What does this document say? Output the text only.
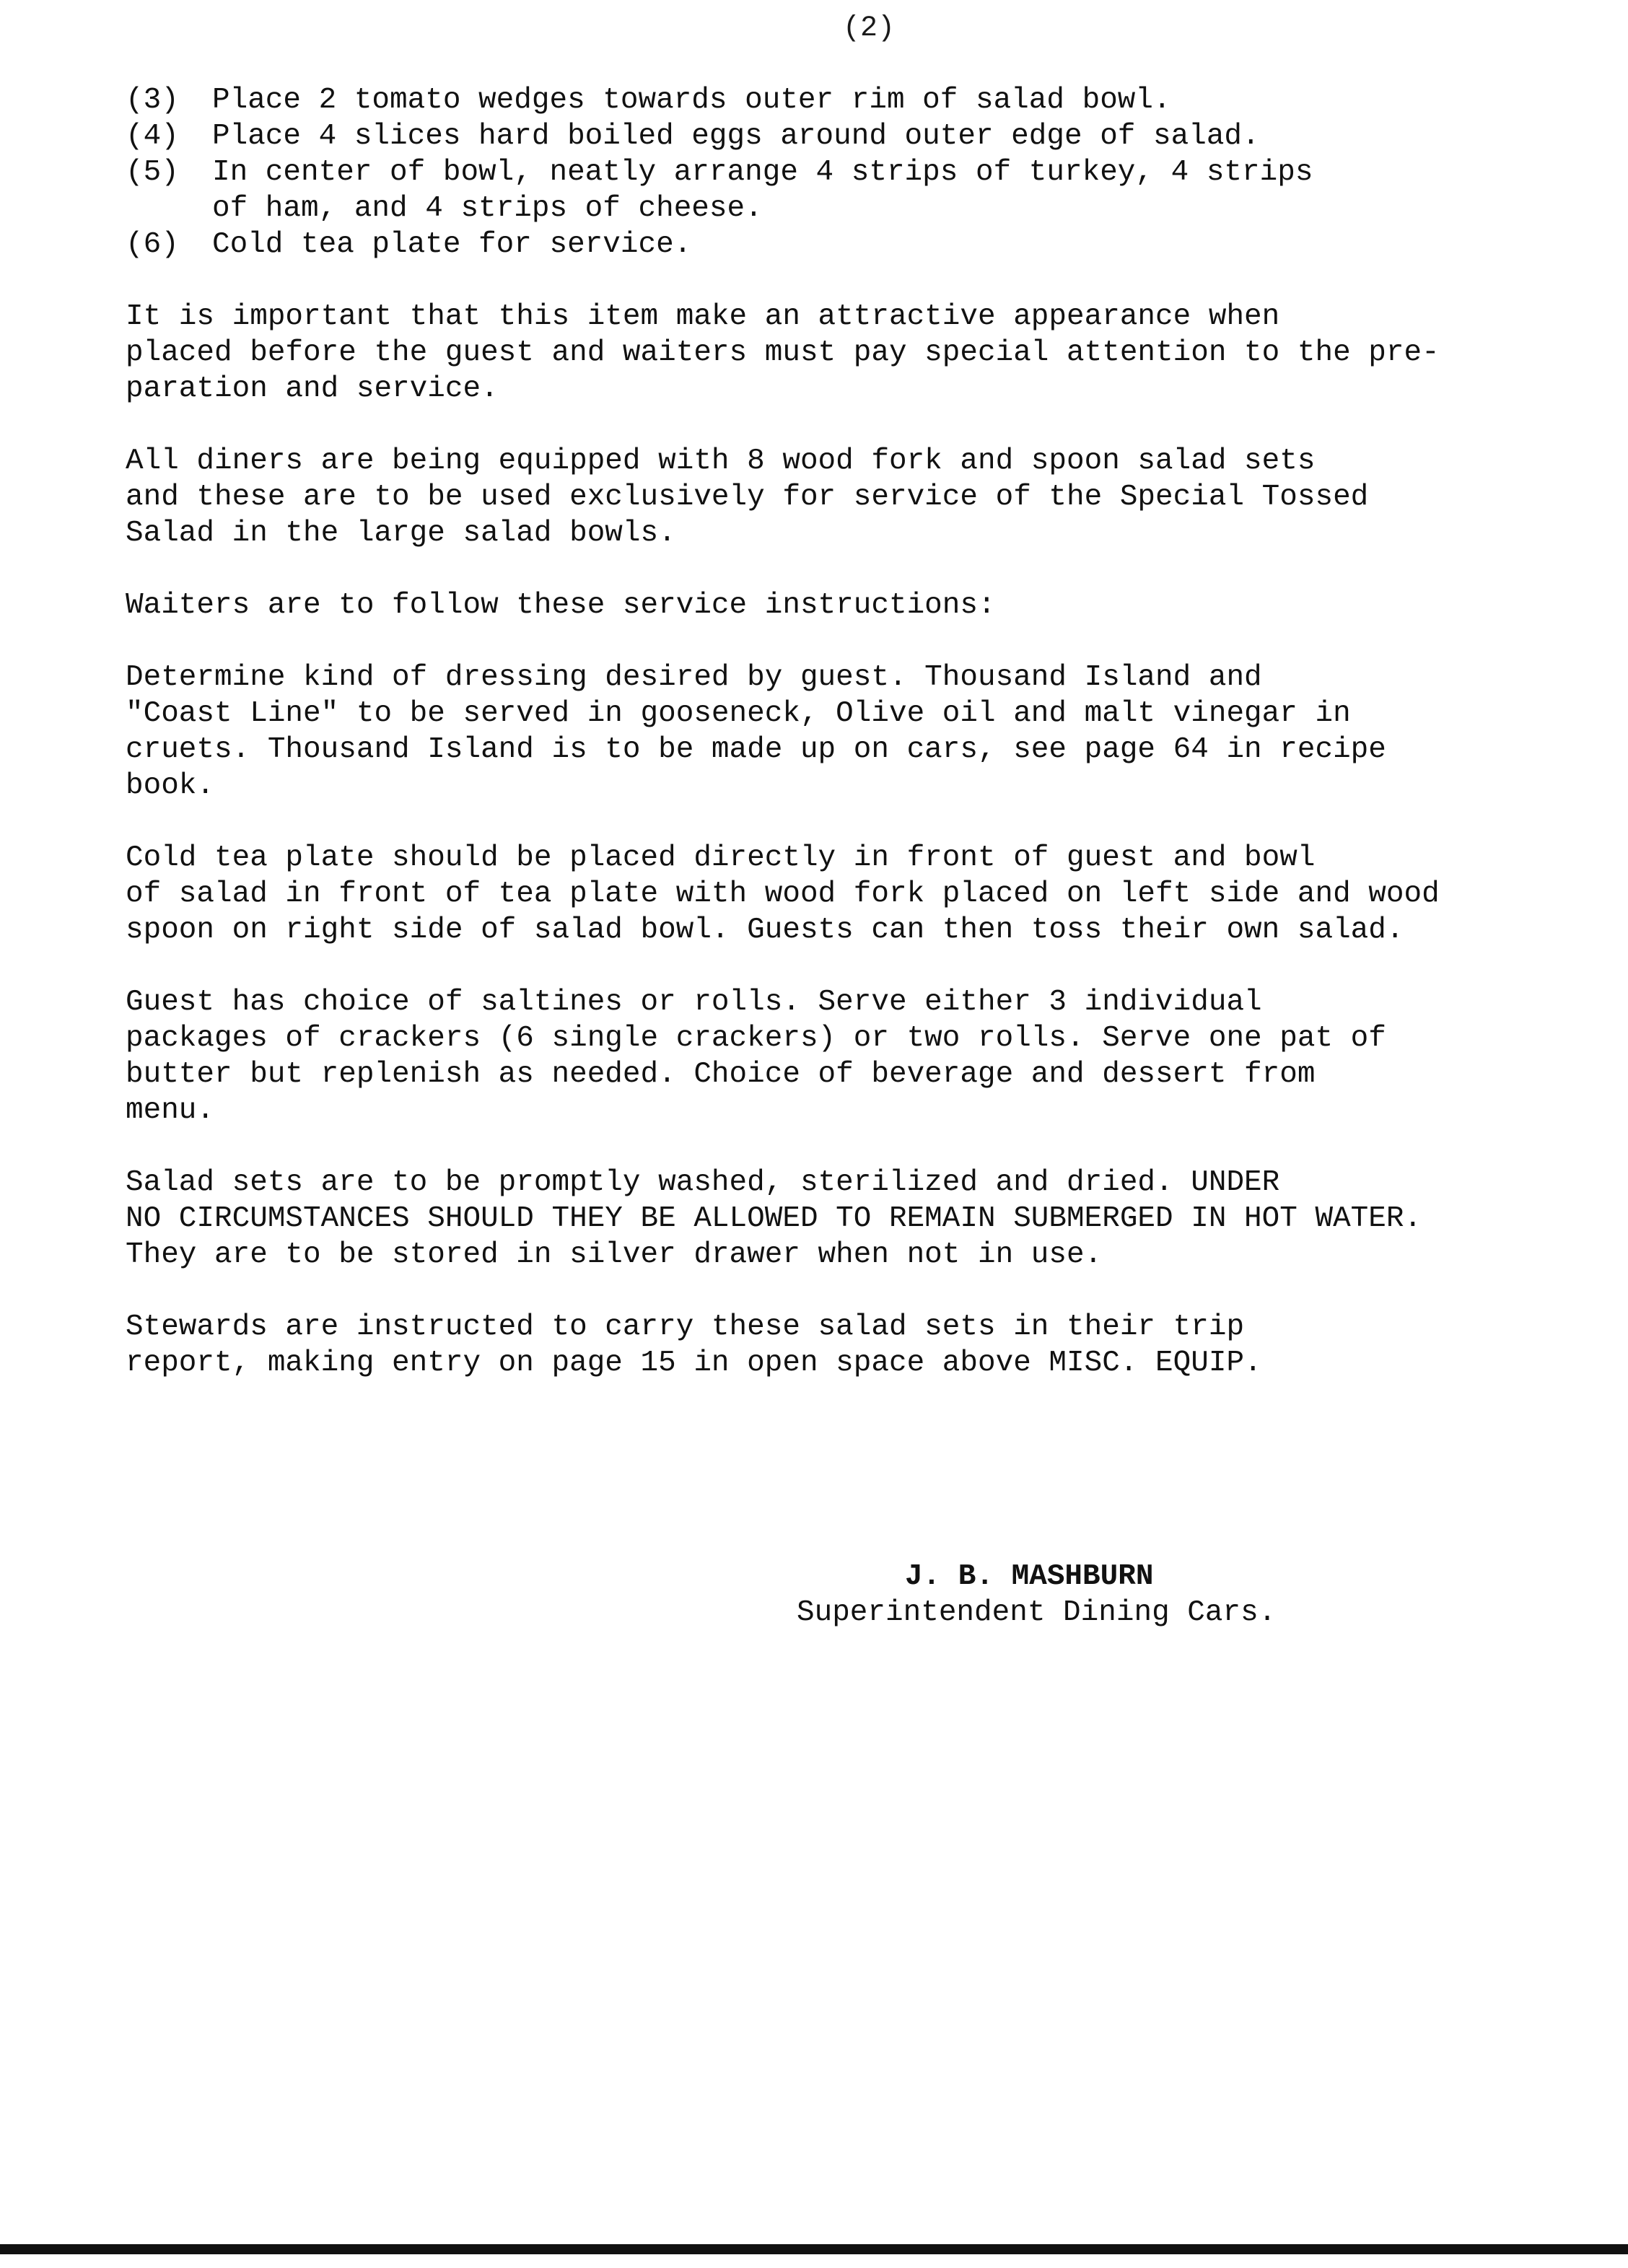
(2)
(3)	Place 2 tomato wedges towards outer rim of salad bowl.
(4)	Place 4 slices hard boiled eggs around outer edge of salad.
(5)	In center of bowl, neatly arrange 4 strips of turkey, 4 strips
of ham, and 4 strips of cheese.
(6)	Cold tea plate for service.

It is important that this item make an attractive appearance when
placed before the guest and waiters must pay special attention to the pre-
paration and service.

All diners are being equipped with 8 wood fork and spoon salad sets
and these are to be used exclusively for service of the Special Tossed
Salad in the large salad bowls.

Waiters are to follow these service instructions:

Determine kind of dressing desired by guest. Thousand Island and
"Coast Line" to be served in gooseneck, Olive oil and malt vinegar in
cruets. Thousand Island is to be made up on cars, see page 64 in recipe
book.

Cold tea plate should be placed directly in front of guest and bowl
of salad in front of tea plate with wood fork placed on left side and wood
spoon on right side of salad bowl. Guests can then toss their own salad.

Guest has choice of saltines or rolls. Serve either 3 individual
packages of crackers (6 single crackers) or two rolls. Serve one pat of
butter but replenish as needed. Choice of beverage and dessert from
menu.

Salad sets are to be promptly washed, sterilized and dried. UNDER
NO CIRCUMSTANCES SHOULD THEY BE ALLOWED TO REMAIN SUBMERGED IN HOT WATER.
They are to be stored in silver drawer when not in use.

Stewards are instructed to carry these salad sets in their trip
report, making entry on page 15 in open space above MISC. EQUIP.

J. B. MASHBURN
Superintendent Dining Cars.
